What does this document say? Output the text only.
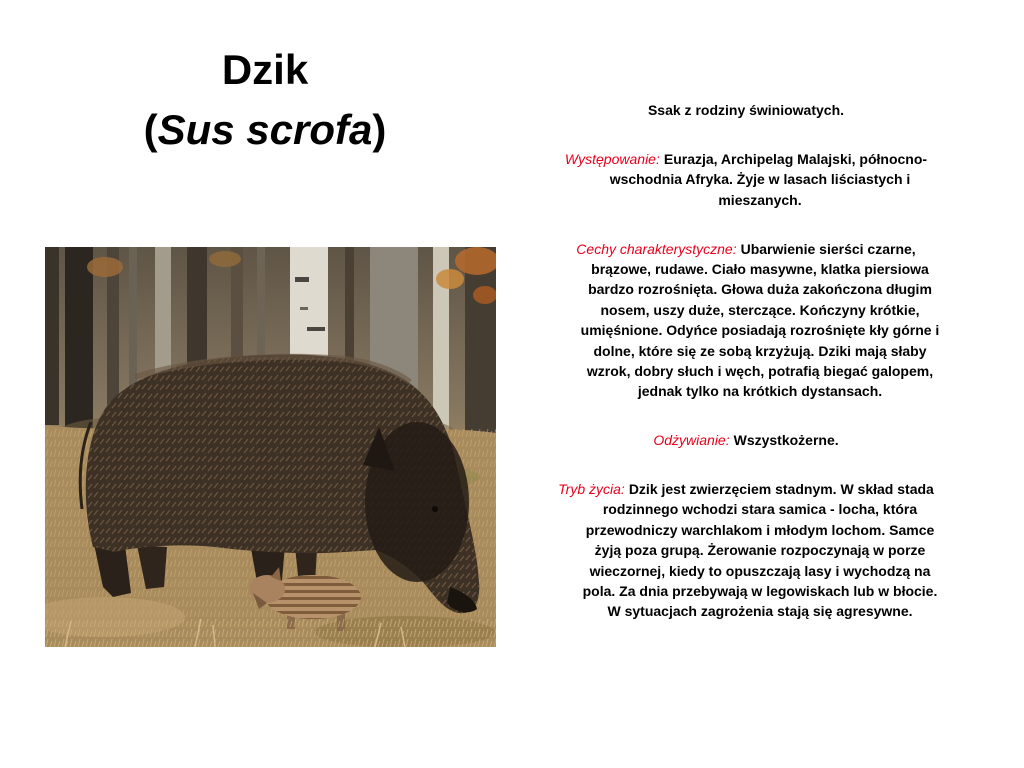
Dzik
(Sus scrofa)	Ssak z rodziny świniowatych.
Występowanie: Eurazja, Archipelag Malajski, północno-
wschodnia Afryka. Żyje w lasach liściastych i
mieszanych.
Cechy charakterystyczne: Ubarwienie sierści czarne,
brązowe, rudawe. Ciało masywne, klatka piersiowa
bardzo rozrośnięta. Głowa duża zakończona długim
nosem, uszy duże, sterczące. Kończyny krótkie,
umięśnione. Odyńce posiadają rozrośnięte kły górne i
dolne, które się ze sobą krzyżują. Dziki mają słaby
wzrok, dobry słuch i węch, potrafią biegać galopem,
jednak tylko na krótkich dystansach.
Odżywianie: Wszystkożerne.
Tryb życia: Dzik jest zwierzęciem stadnym. W skład stada
rodzinnego wchodzi stara samica - locha, która
przewodniczy warchlakom i młodym lochom. Samce
żyją poza grupą. Żerowanie rozpoczynają w porze
wieczornej, kiedy to opuszczają lasy i wychodzą na
pola. Za dnia przebywają w legowiskach lub w błocie.
W sytuacjach zagrożenia stają się agresywne.
